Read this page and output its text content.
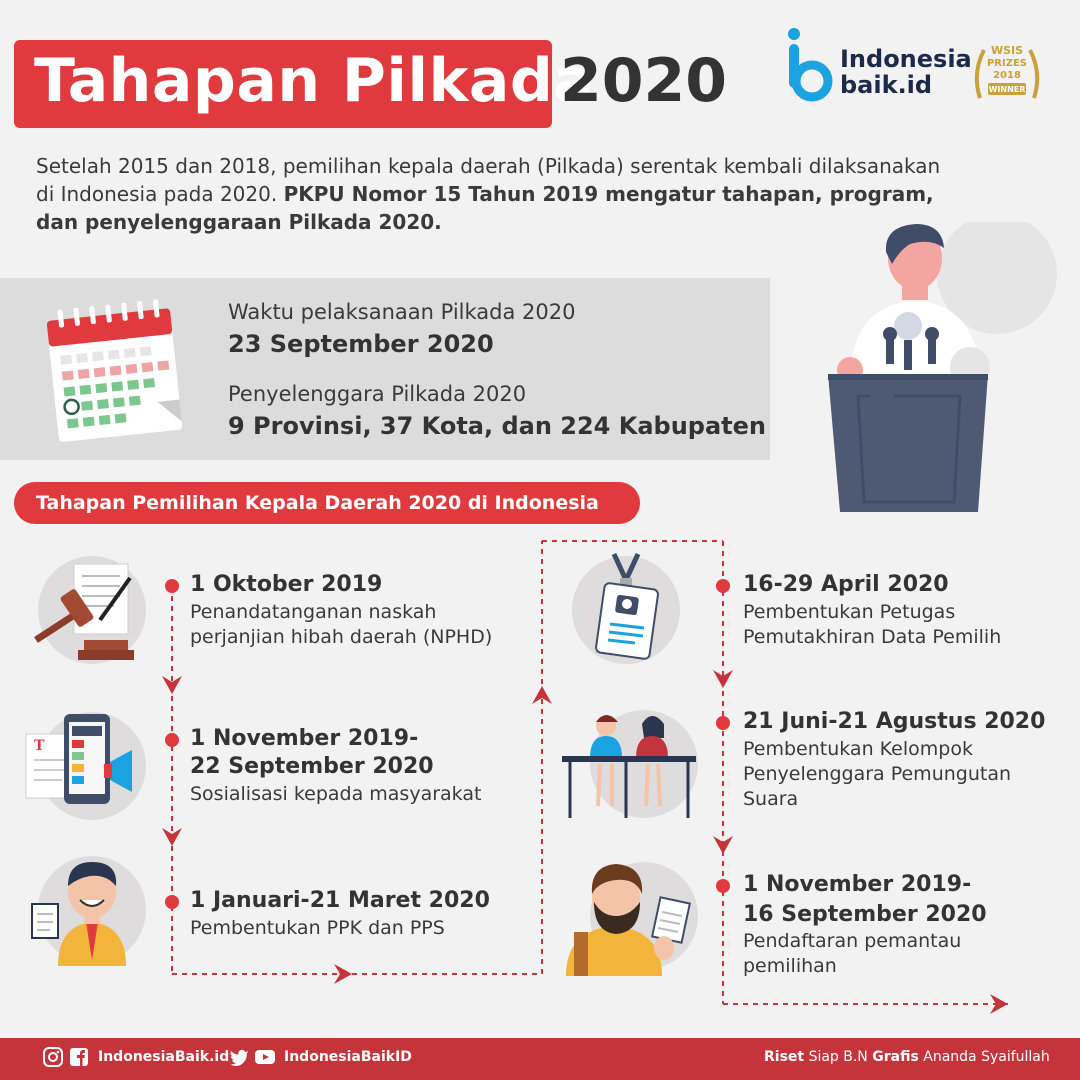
Tahapan Pilkada
2020	Indonesia
baik.id
WSIS
PRIZES
2018
WINNER
Setelah 2015 dan 2018, pemilihan kepala daerah (Pilkada) serentak kembali dilaksanakan
di Indonesia pada 2020. PKPU Nomor 15 Tahun 2019 mengatur tahapan, program,
dan penyelenggaraan Pilkada 2020.
Waktu pelaksanaan Pilkada 2020
23 September 2020
Penyelenggara Pilkada 2020
9 Provinsi, 37 Kota, dan 224 Kabupaten
Tahapan Pemilihan Kepala Daerah 2020 di Indonesia
1 Oktober 2019
Penandatanganan naskah
perjanjian hibah daerah (NPHD)
T	1 November 2019-
22 September 2020
Sosialisasi kepada masyarakat
1 Januari-21 Maret 2020
Pembentukan PPK dan PPS
16-29 April 2020
Pembentukan Petugas
Pemutakhiran Data Pemilih
21 Juni-21 Agustus 2020
Pembentukan Kelompok
Penyelenggara Pemungutan
Suara
1 November 2019-
16 September 2020
Pendaftaran pemantau
pemilihan
IndonesiaBaik.id	IndonesiaBaikID	Riset Siap B.N Grafis Ananda Syaifullah
